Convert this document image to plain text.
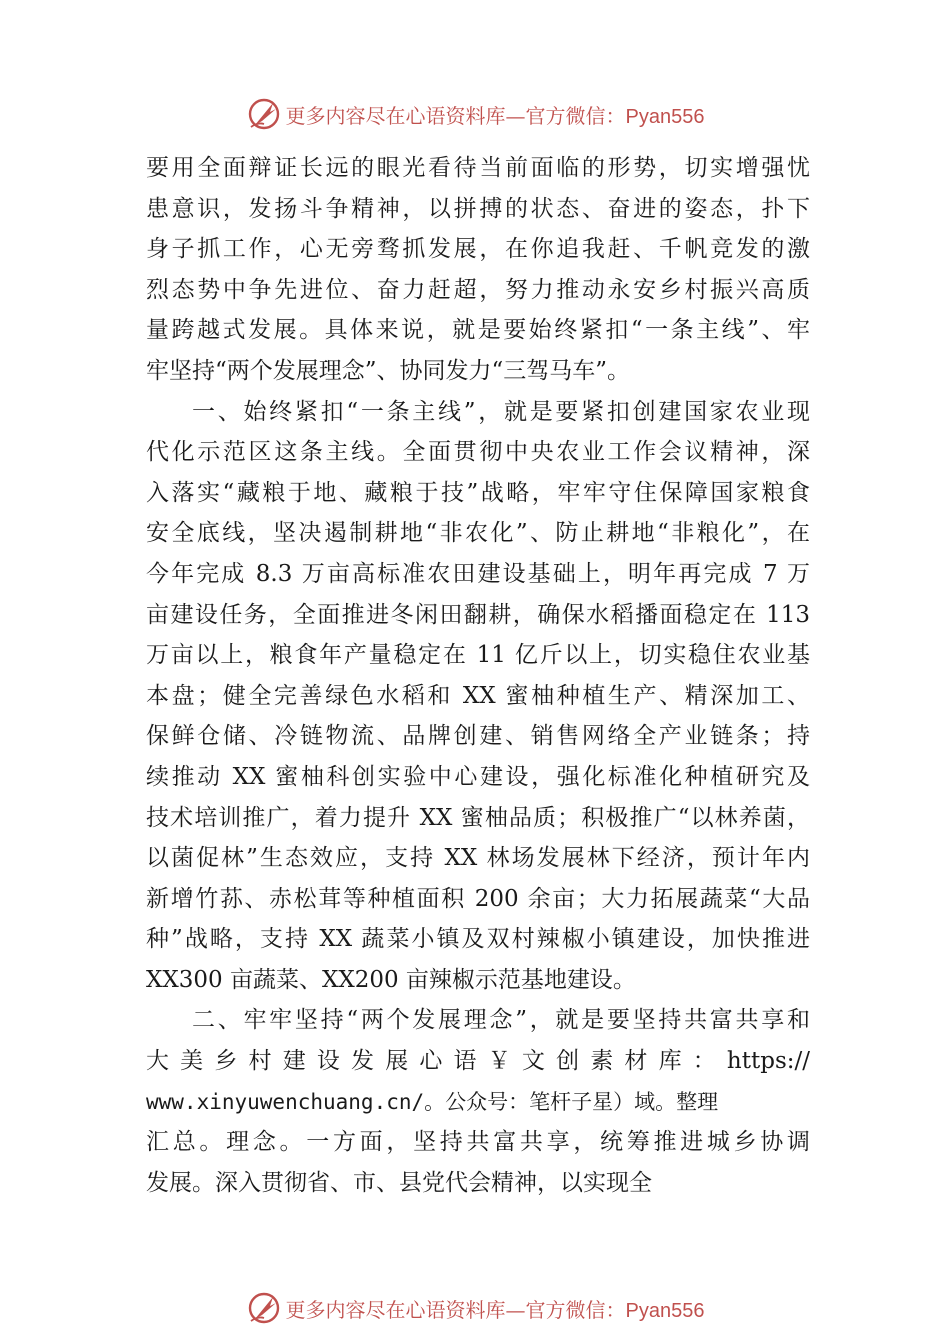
更多内容尽在心语资料库—官方微信：Pyan556
要用全面辩证长远的眼光看待当前面临的形势，切实增强忧
患意识，发扬斗争精神，以拼搏的状态、奋进的姿态，扑下
身子抓工作，心无旁骛抓发展，在你追我赶、千帆竞发的激
烈态势中争先进位、奋力赶超，努力推动永安乡村振兴高质
量跨越式发展。具体来说，就是要始终紧扣“一条主线”、牢
牢坚持“两个发展理念”、协同发力“三驾马车”。
一、始终紧扣“一条主线”，就是要紧扣创建国家农业现
代化示范区这条主线。全面贯彻中央农业工作会议精神，深
入落实“藏粮于地、藏粮于技”战略，牢牢守住保障国家粮食
安全底线，坚决遏制耕地“非农化”、防止耕地“非粮化”，在
今年完成 8.3 万亩高标准农田建设基础上，明年再完成 7 万
亩建设任务，全面推进冬闲田翻耕，确保水稻播面稳定在 113
万亩以上，粮食年产量稳定在 11 亿斤以上，切实稳住农业基
本盘；健全完善绿色水稻和 XX 蜜柚种植生产、精深加工、
保鲜仓储、冷链物流、品牌创建、销售网络全产业链条；持
续推动 XX 蜜柚科创实验中心建设，强化标准化种植研究及
技术培训推广，着力提升 XX 蜜柚品质；积极推广“以林养菌，
以菌促林”生态效应，支持 XX 林场发展林下经济，预计年内
新增竹荪、赤松茸等种植面积 200 余亩；大力拓展蔬菜“大品
种”战略，支持 XX 蔬菜小镇及双村辣椒小镇建设，加快推进
XX300 亩蔬菜、XX200 亩辣椒示范基地建设。
二、牢牢坚持“两个发展理念”，就是要坚持共富共享和
大美乡村建设发展心语￥文创素材库：https://
www.xinyuwenchuang.cn/。公众号：笔杆子星）域。整理
汇总。理念。一方面，坚持共富共享，统筹推进城乡协调
发展。深入贯彻省、市、县党代会精神，以实现全
更多内容尽在心语资料库—官方微信：Pyan556
